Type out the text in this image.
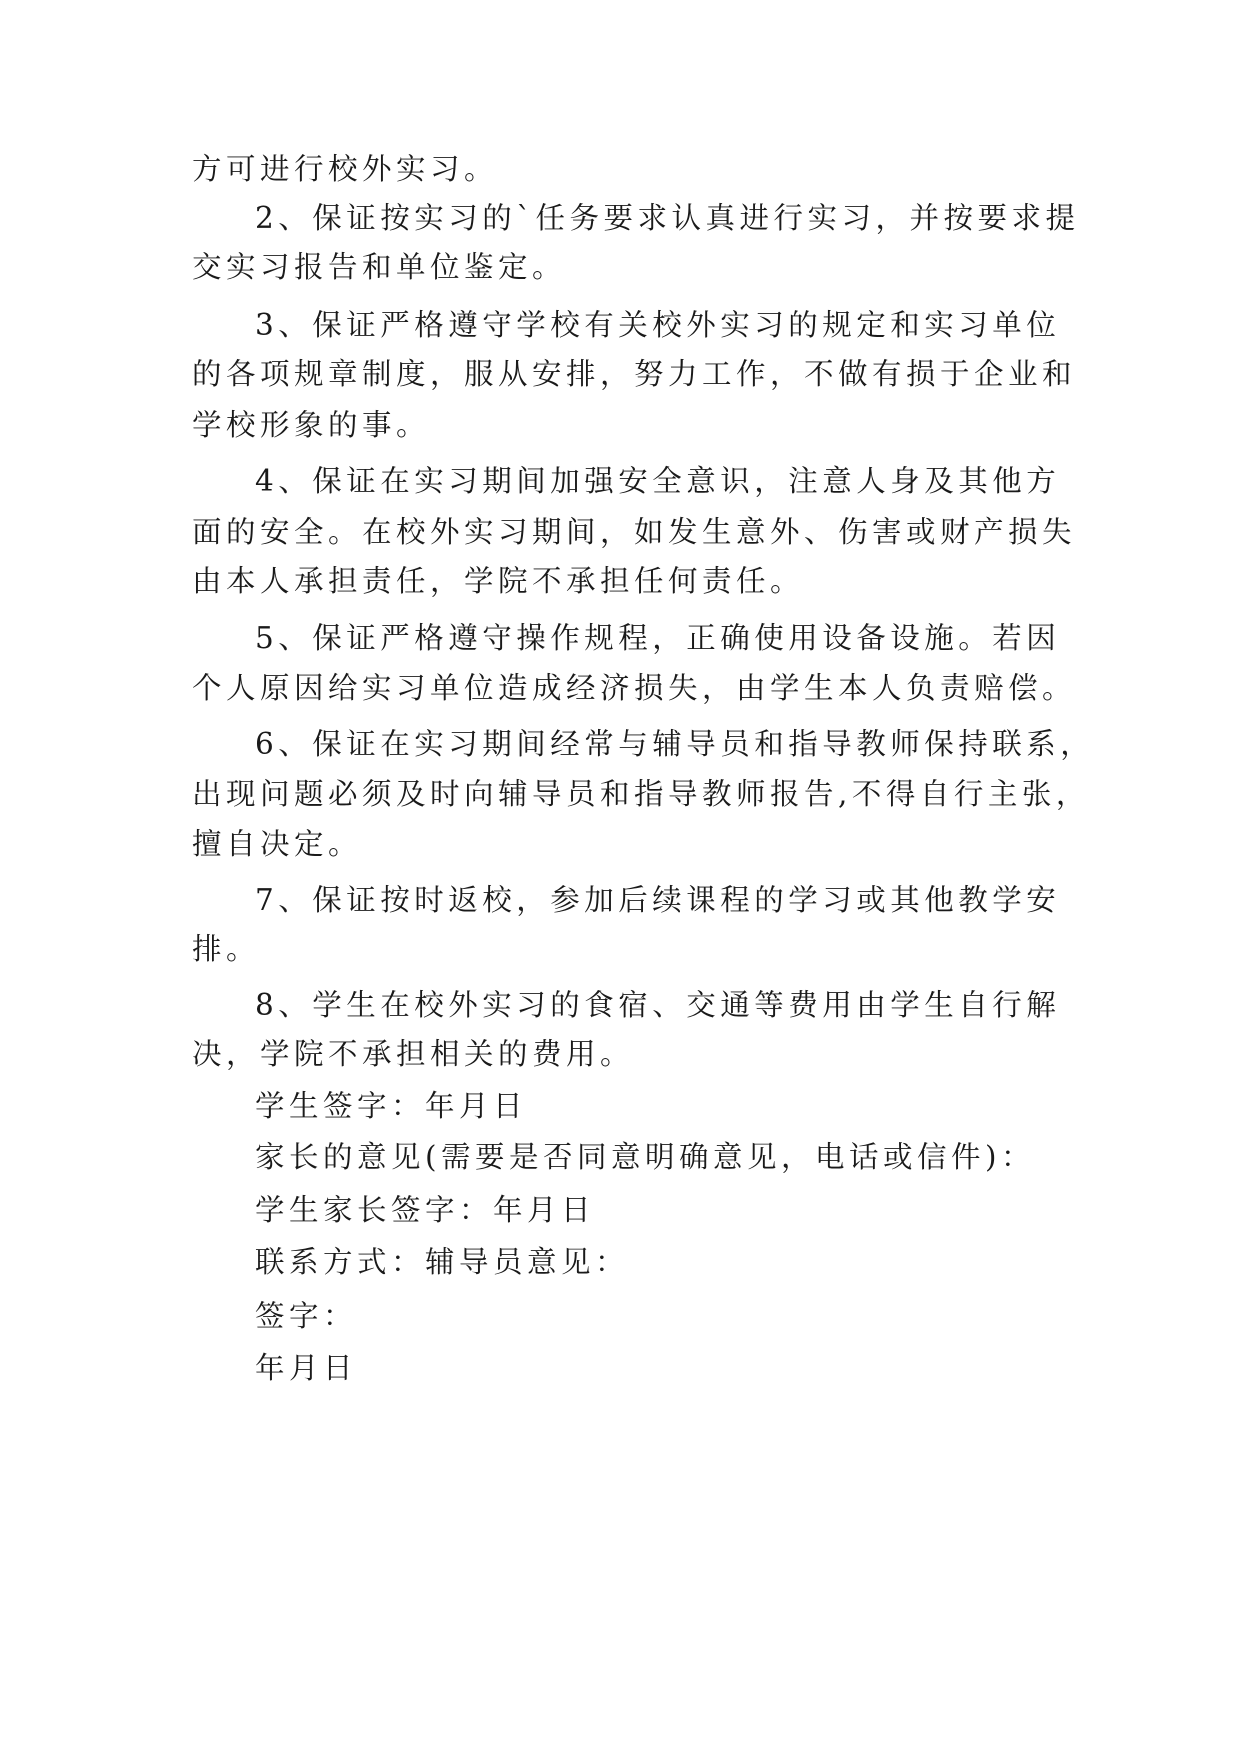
方可进行校外实习。
2、保证按实习的`任务要求认真进行实习，并按要求提
交实习报告和单位鉴定。
3、保证严格遵守学校有关校外实习的规定和实习单位
的各项规章制度，服从安排，努力工作，不做有损于企业和
学校形象的事。
4、保证在实习期间加强安全意识，注意人身及其他方
面的安全。在校外实习期间，如发生意外、伤害或财产损失
由本人承担责任，学院不承担任何责任。
5、保证严格遵守操作规程，正确使用设备设施。若因
个人原因给实习单位造成经济损失，由学生本人负责赔偿。
6、保证在实习期间经常与辅导员和指导教师保持联系，
出现问题必须及时向辅导员和指导教师报告,不得自行主张，
擅自决定。
7、保证按时返校，参加后续课程的学习或其他教学安
排。
8、学生在校外实习的食宿、交通等费用由学生自行解
决，学院不承担相关的费用。
学生签字：年月日
家长的意见(需要是否同意明确意见，电话或信件)：
学生家长签字：年月日
联系方式：辅导员意见：
签字：
年月日
